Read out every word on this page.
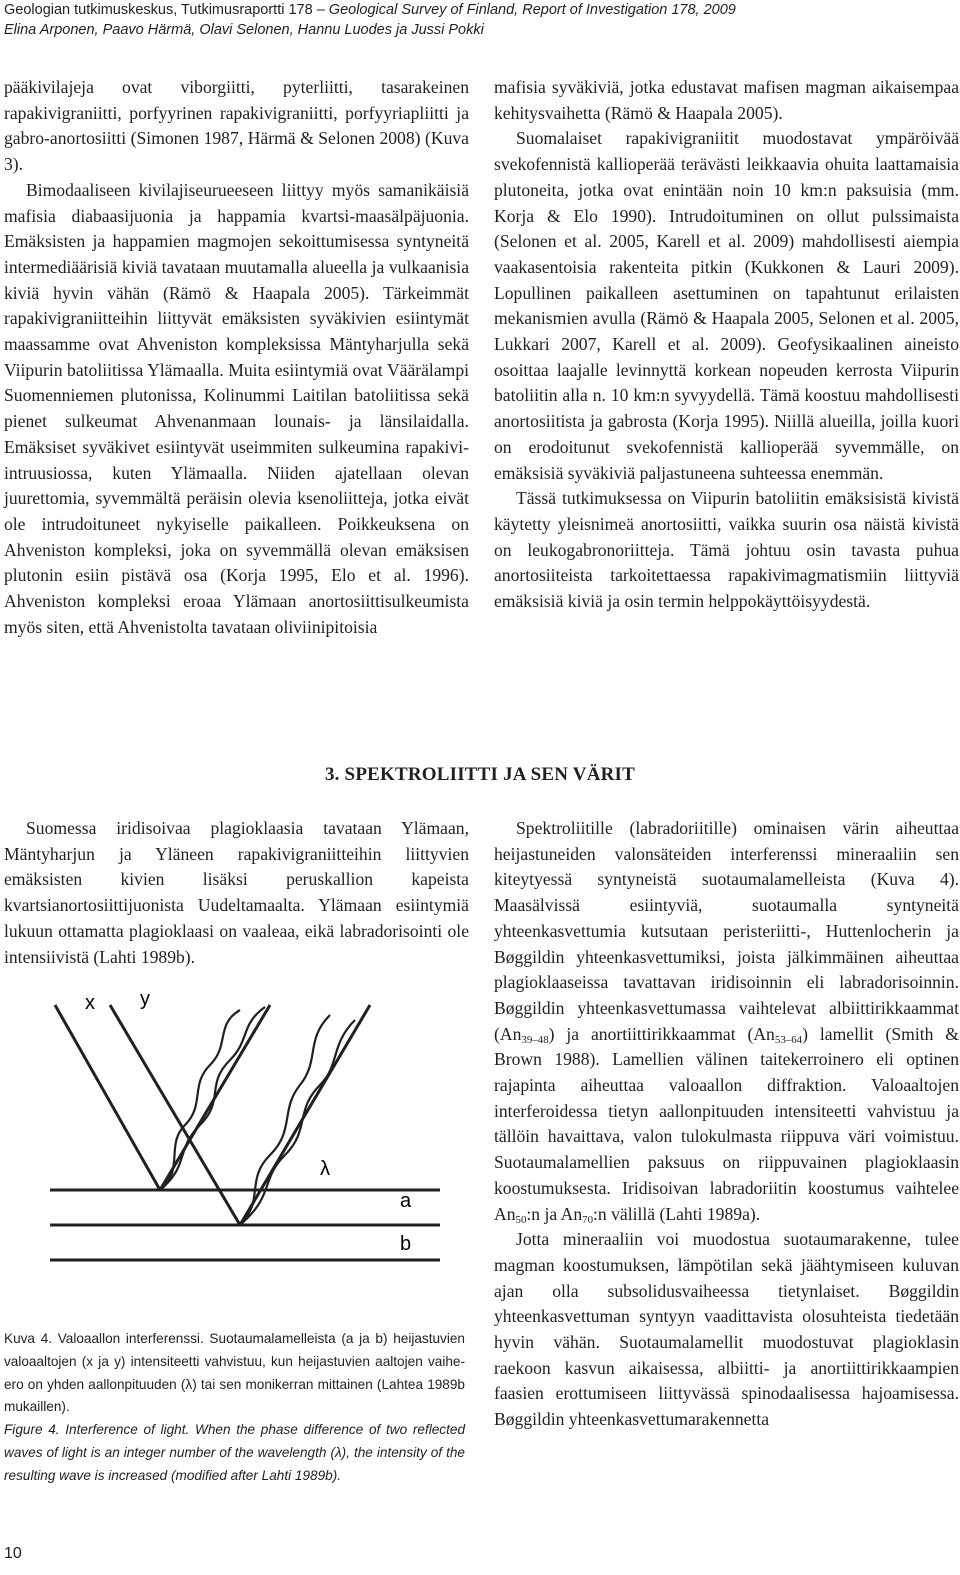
Geologian tutkimuskeskus, Tutkimusraportti 178 – Geological Survey of Finland, Report of Investigation 178, 2009
Elina Arponen, Paavo Härmä, Olavi Selonen, Hannu Luodes ja Jussi Pokki

pääkivilajeja ovat viborgiitti, pyterliitti, tasarakeinen rapakivigraniitti, porfyyrinen rapakivigraniitti, porfyyriapliitti ja gabro-anortosiitti (Simonen 1987, Härmä & Selonen 2008) (Kuva 3).

Bimodaaliseen kivilajiseurueeseen liittyy myös samanikäisiä mafisia diabaasijuonia ja happamia kvartsi-maasälpäjuonia. Emäksisten ja happamien magmojen sekoittumisessa syntyneitä intermediäärisiä kiviä tavataan muutamalla alueella ja vulkaanisia kiviä hyvin vähän (Rämö & Haapala 2005). Tärkeimmät rapakivigraniitteihin liittyvät emäksisten syväkivien esiintymät maassamme ovat Ahveniston kompleksissa Mäntyharjulla sekä Viipurin batoliitissa Ylämaalla. Muita esiintymiä ovat Väärälampi Suomenniemen plutonissa, Kolinummi Laitilan batoliitissa sekä pienet sulkeumat Ahvenanmaan lounais- ja länsilaidalla. Emäksiset syväkivet esiintyvät useimmiten sulkeumina rapakivi-intruusiossa, kuten Ylämaalla. Niiden ajatellaan olevan juurettomia, syvemmältä peräisin olevia ksenoliitteja, jotka eivät ole intrudoituneet nykyiselle paikalleen. Poikkeuksena on Ahveniston kompleksi, joka on syvemmällä olevan emäksisen plutonin esiin pistävä osa (Korja 1995, Elo et al. 1996). Ahveniston kompleksi eroaa Ylämaan anortosiittisulkeumista myös siten, että Ahvenistolta tavataan oliviinipitoisia

mafisia syväkiviä, jotka edustavat mafisen magman aikaisempaa kehitysvaihetta (Rämö & Haapala 2005).

Suomalaiset rapakivigraniitit muodostavat ympäröivää svekofennistä kallioperää terävästi leikkaavia ohuita laattamaisia plutoneita, jotka ovat enintään noin 10 km:n paksuisia (mm. Korja & Elo 1990). Intrudoituminen on ollut pulssimaista (Selonen et al. 2005, Karell et al. 2009) mahdollisesti aiempia vaakasentoisia rakenteita pitkin (Kukkonen & Lauri 2009). Lopullinen paikalleen asettuminen on tapahtunut erilaisten mekanismien avulla (Rämö & Haapala 2005, Selonen et al. 2005, Lukkari 2007, Karell et al. 2009). Geofysikaalinen aineisto osoittaa laajalle levinnyttä korkean nopeuden kerrosta Viipurin batoliitin alla n. 10 km:n syvyydellä. Tämä koostuu mahdollisesti anortosiitista ja gabrosta (Korja 1995). Niillä alueilla, joilla kuori on erodoitunut svekofennistä kallioperää syvemmälle, on emäksisiä syväkiviä paljastuneena suhteessa enemmän.

Tässä tutkimuksessa on Viipurin batoliitin emäksisistä kivistä käytetty yleisnimeä anortosiitti, vaikka suurin osa näistä kivistä on leukogabronoriitteja. Tämä johtuu osin tavasta puhua anortosiiteista tarkoitettaessa rapakivimagmatismiin liittyviä emäksisiä kiviä ja osin termin helppokäyttöisyydestä.

3. SPEKTROLIITTI JA SEN VÄRIT

Suomessa iridisoivaa plagioklaasia tavataan Ylämaan, Mäntyharjun ja Yläneen rapakivigraniitteihin liittyvien emäksisten kivien lisäksi peruskallion kapeista kvartsianortosiittijuonista Uudeltamaalta. Ylämaan esiintymiä lukuun ottamatta plagioklaasi on vaaleaa, eikä labradorisointi ole intensiivistä (Lahti 1989b).

x y
λ
a
b

Kuva 4. Valoaallon interferenssi. Suotaumalamelleista (a ja b) heijastuvien valoaaltojen (x ja y) intensiteetti vahvistuu, kun heijastuvien aaltojen vaihe-ero on yhden aallonpituuden (λ) tai sen monikerran mittainen (Lahtea 1989b mukaillen).

Figure 4. Interference of light. When the phase difference of two reflected waves of light is an integer number of the wavelength (λ), the intensity of the resulting wave is increased (modified after Lahti 1989b).

Spektroliitille (labradoriitille) ominaisen värin aiheuttaa heijastuneiden valonsäteiden interferenssi mineraaliin sen kiteytyessä syntyneistä suotaumalamelleista (Kuva 4). Maasälvissä esiintyviä, suotaumalla syntyneitä yhteenkasvettumia kutsutaan peristeriitti-, Huttenlocherin ja Bøggildin yhteenkasvettumiksi, joista jälkimmäinen aiheuttaa plagioklaaseissa tavattavan iridisoinnin eli labradorisoinnin. Bøggildin yhteenkasvettumassa vaihtelevat albiittirikkaammat $(An_{39-48})$ ja anortiittirikkaammat $(An_{53-64})$ lamellit (Smith & Brown 1988). Lamellien välinen taitekerroinero eli optinen rajapinta aiheuttaa valoaallon diffraktion. Valoaaltojen interferoidessa tietyn aallonpituuden intensiteetti vahvistuu ja tällöin havaittava, valon tulokulmasta riippuva väri voimistuu. Suotaumalamellien paksuus on riippuvainen plagioklaasin koostumuksesta. Iridisoivan labradoriitin koostumus vaihtelee $An_{50}:n$ ja $An_{70}:n$ välillä (Lahti 1989a).

Jotta mineraaliin voi muodostua suotaumarakenne, tulee magman koostumuksen, lämpötilan sekä jäähtymiseen kuluvan ajan olla subsolidusvaiheessa tietynlaiset. Bøggildin yhteenkasvettuman syntyyn vaadittavista olosuhteista tiedetään hyvin vähän. Suotaumalamellit muodostuvat plagioklasin raekoon kasvun aikaisessa, albiitti- ja anortiittirikkaampien faasien erottumiseen liittyvässä spinodaalisessa hajoamisessa. Bøggildin yhteenkasvettumarakennetta

10
